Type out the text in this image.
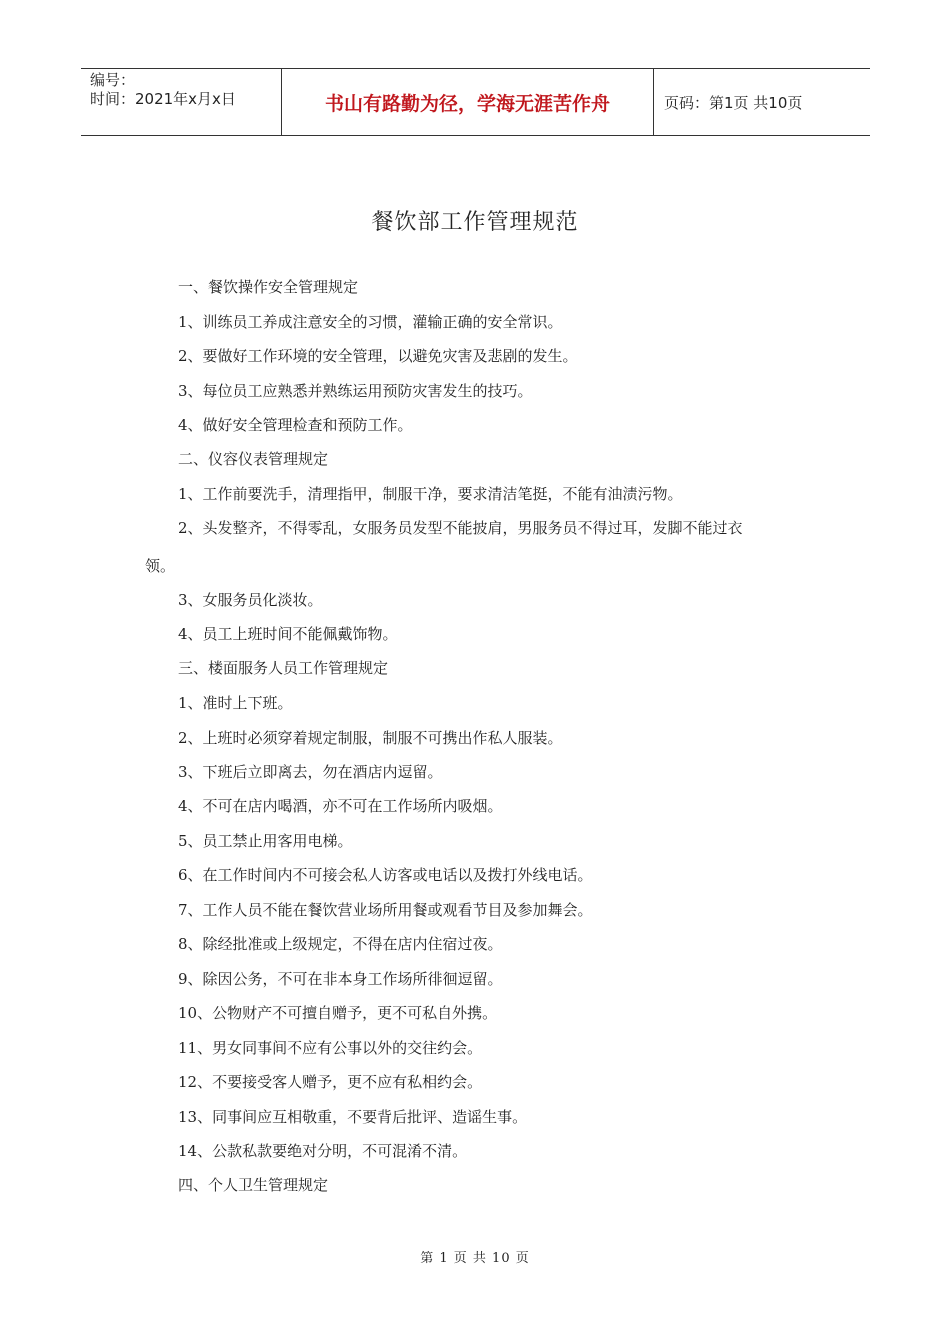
编号：
时间：2021年x月x日	书山有路勤为径，学海无涯苦作舟	页码：第1页 共10页
餐饮部工作管理规范
一、餐饮操作安全管理规定
1、训练员工养成注意安全的习惯，灌输正确的安全常识。
2、要做好工作环境的安全管理，以避免灾害及悲剧的发生。
3、每位员工应熟悉并熟练运用预防灾害发生的技巧。
4、做好安全管理检查和预防工作。
二、仪容仪表管理规定
1、工作前要洗手，清理指甲，制服干净，要求清洁笔挺，不能有油渍污物。
2、头发整齐，不得零乱，女服务员发型不能披肩，男服务员不得过耳，发脚不能过衣
领。
3、女服务员化淡妆。
4、员工上班时间不能佩戴饰物。
三、楼面服务人员工作管理规定
1、准时上下班。
2、上班时必须穿着规定制服，制服不可携出作私人服装。
3、下班后立即离去，勿在酒店内逗留。
4、不可在店内喝酒，亦不可在工作场所内吸烟。
5、员工禁止用客用电梯。
6、在工作时间内不可接会私人访客或电话以及拨打外线电话。
7、工作人员不能在餐饮营业场所用餐或观看节目及参加舞会。
8、除经批准或上级规定，不得在店内住宿过夜。
9、除因公务，不可在非本身工作场所徘徊逗留。
10、公物财产不可擅自赠予，更不可私自外携。
11、男女同事间不应有公事以外的交往约会。
12、不要接受客人赠予，更不应有私相约会。
13、同事间应互相敬重，不要背后批评、造谣生事。
14、公款私款要绝对分明，不可混淆不清。
四、个人卫生管理规定
第 1 页 共 10 页
